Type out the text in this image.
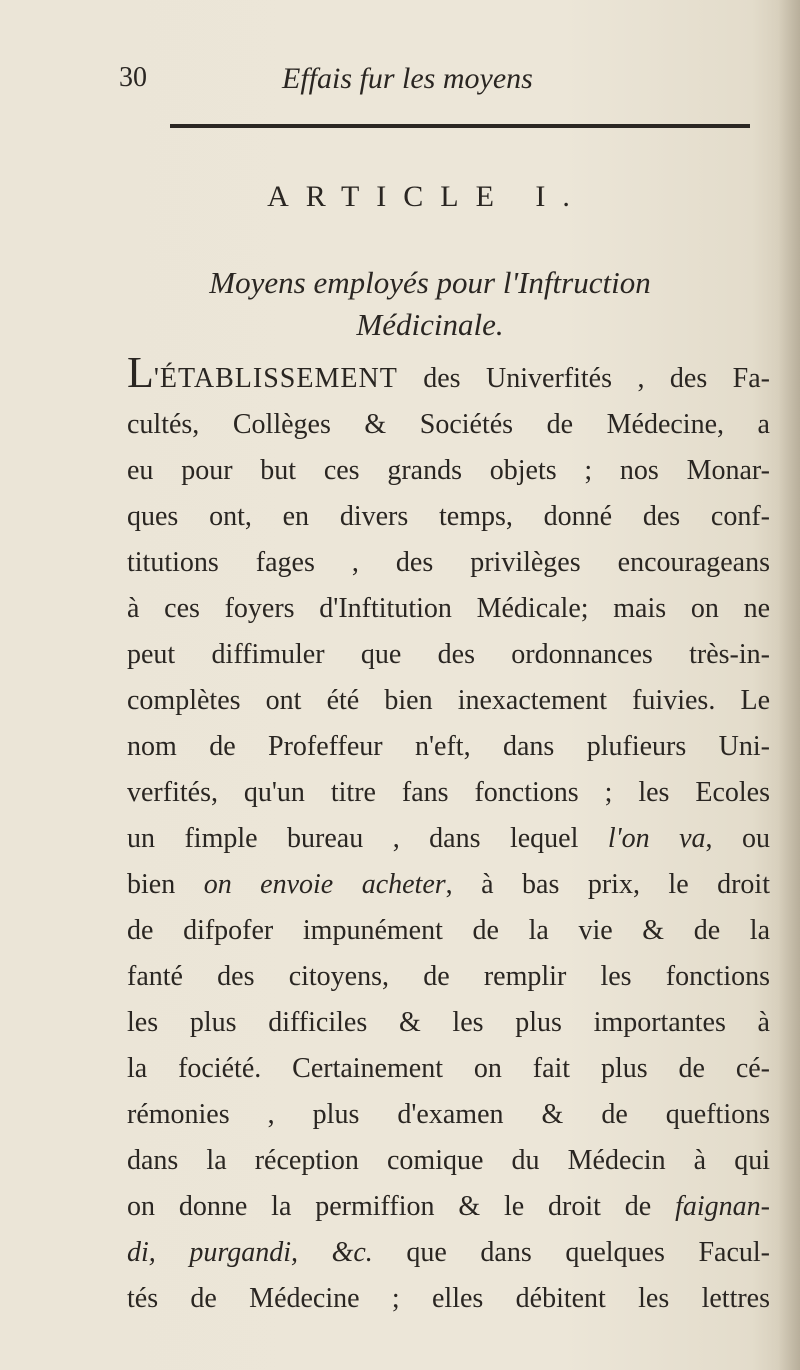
30	Effais fur les moyens
ARTICLE I.
Moyens employés pour l'Inftruction
Médicinale.
L'ÉTABLISSEMENT des Univerfités , des Fa-
cultés, Collèges & Sociétés de Médecine, a
eu pour but ces grands objets ; nos Monar-
ques ont, en divers temps, donné des conf-
titutions fages , des privilèges encourageans
à ces foyers d'Inftitution Médicale; mais on ne
peut diffimuler que des ordonnances très-in-
complètes ont été bien inexactement fuivies. Le
nom de Profeffeur n'eft, dans plufieurs Uni-
verfités, qu'un titre fans fonctions ; les Ecoles
un fimple bureau , dans lequel l'on va, ou
bien on envoie acheter, à bas prix, le droit
de difpofer impunément de la vie & de la
fanté des citoyens, de remplir les fonctions
les plus difficiles & les plus importantes à
la fociété. Certainement on fait plus de cé-
rémonies , plus d'examen & de queftions
dans la réception comique du Médecin à qui
on donne la permiffion & le droit de faignan-
di, purgandi, &c. que dans quelques Facul-
tés de Médecine ; elles débitent les lettres
